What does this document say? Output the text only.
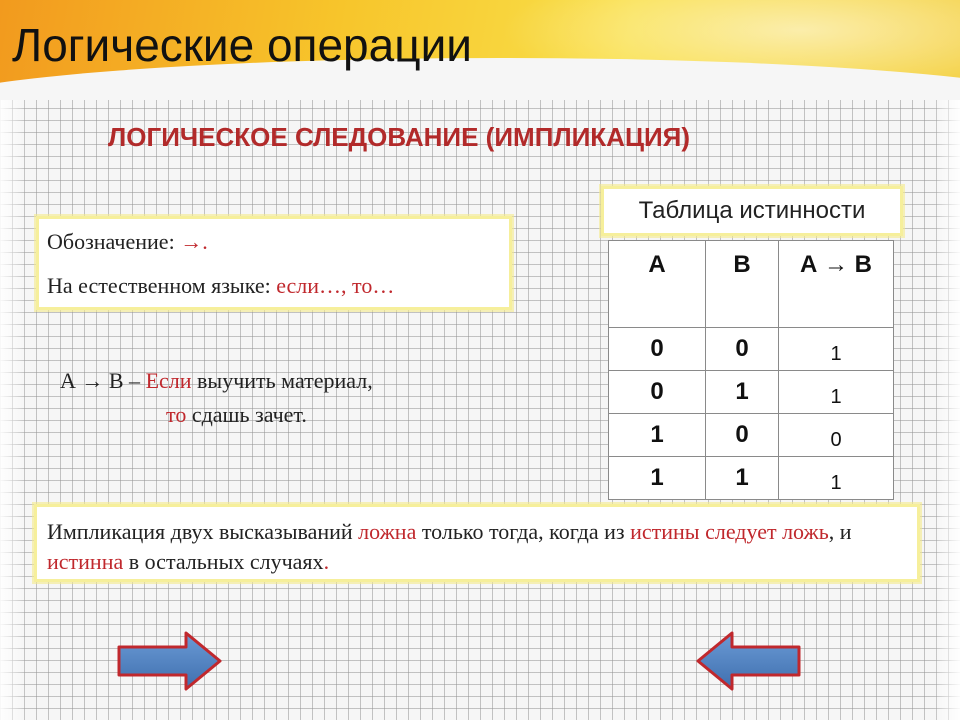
Логические операции
ЛОГИЧЕСКОЕ СЛЕДОВАНИЕ (ИМПЛИКАЦИЯ)
Обозначение: →.
На естественном языке: если…, то…
А → В – Если выучить материал,
то сдашь зачет.
Таблица истинности
А	В	А → В
0	0	1
0	1	1
1	0	0
1	1	1
Импликация двух высказываний ложна только тогда, когда из истины следует ложь, и истинна в остальных случаях.
